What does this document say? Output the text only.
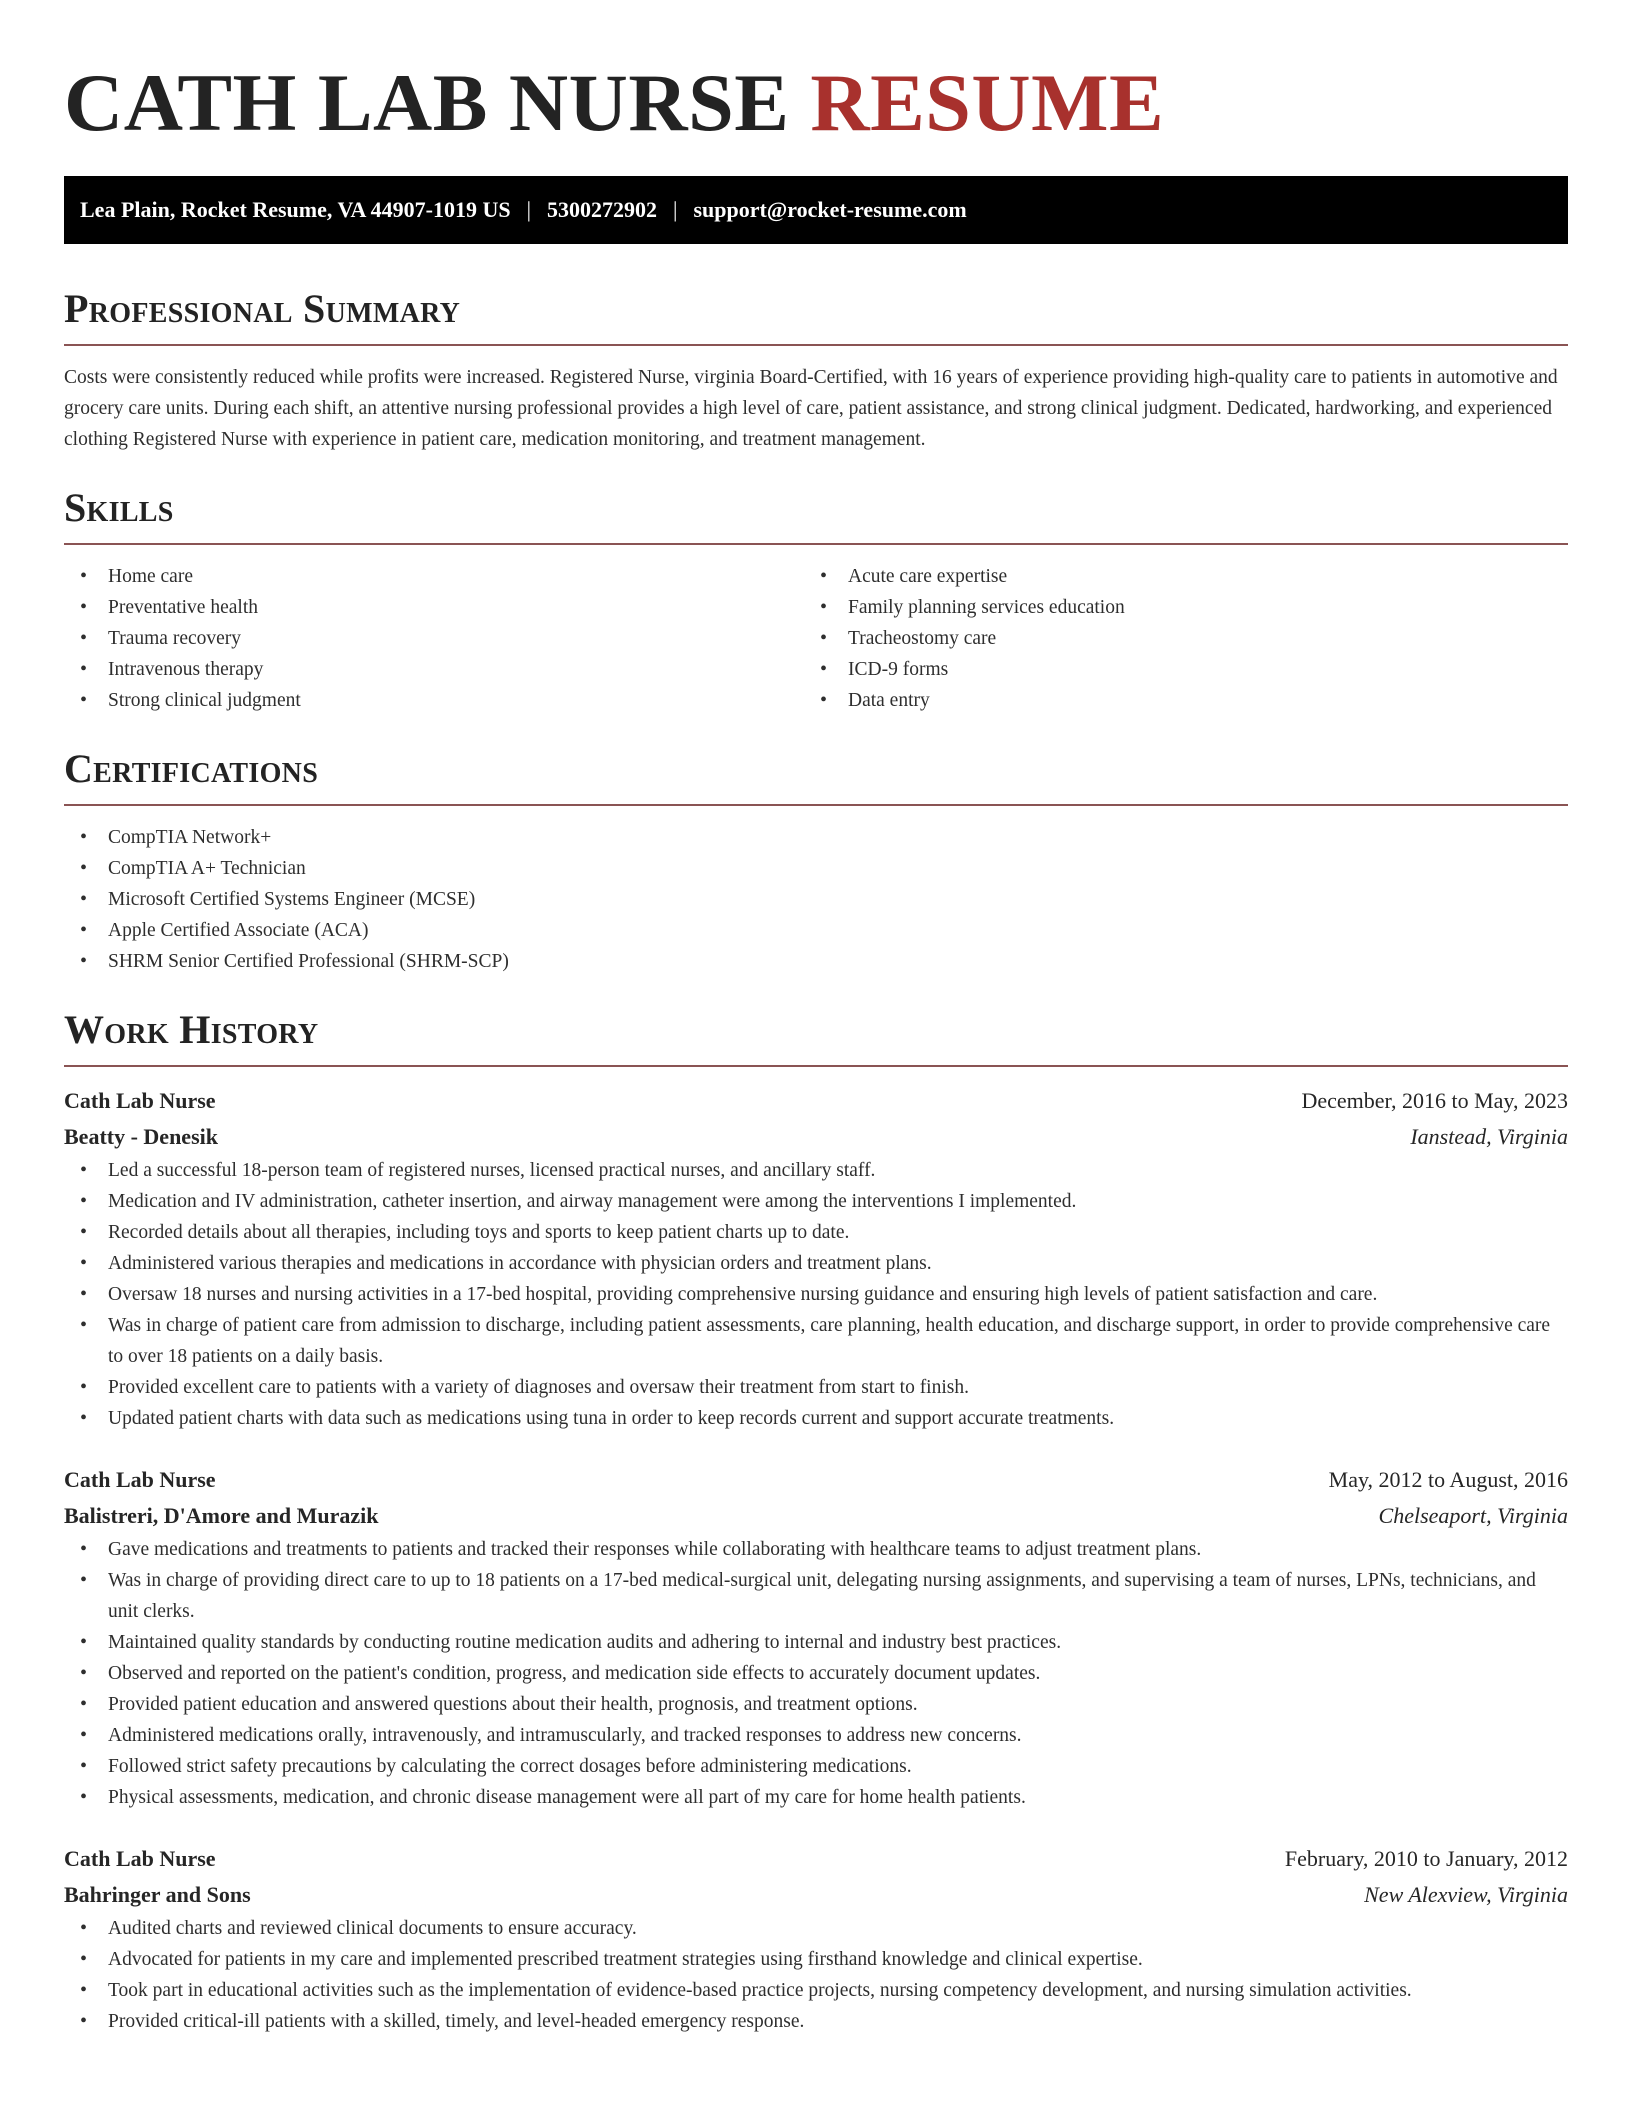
CATH LAB NURSE RESUME
Lea Plain, Rocket Resume, VA 44907-1019 US | 5300272902 | support@rocket-resume.com
Professional Summary

Costs were consistently reduced while profits were increased. Registered Nurse, virginia Board-Certified, with 16 years of experience providing high-quality care to patients in automotive and grocery care units. During each shift, an attentive nursing professional provides a high level of care, patient assistance, and strong clinical judgment. Dedicated, hardworking, and experienced clothing Registered Nurse with experience in patient care, medication monitoring, and treatment management.

Skills
• Home care
• Preventative health
• Trauma recovery
• Intravenous therapy
• Strong clinical judgment
• Acute care expertise
• Family planning services education
• Tracheostomy care
• ICD-9 forms
• Data entry
Certifications
• CompTIA Network+
• CompTIA A+ Technician
• Microsoft Certified Systems Engineer (MCSE)
• Apple Certified Associate (ACA)
• SHRM Senior Certified Professional (SHRM-SCP)
Work History
Cath Lab Nurse	December, 2016 to May, 2023
Beatty - Denesik	Ianstead, Virginia
• Led a successful 18-person team of registered nurses, licensed practical nurses, and ancillary staff.
• Medication and IV administration, catheter insertion, and airway management were among the interventions I implemented.
• Recorded details about all therapies, including toys and sports to keep patient charts up to date.
• Administered various therapies and medications in accordance with physician orders and treatment plans.
• Oversaw 18 nurses and nursing activities in a 17-bed hospital, providing comprehensive nursing guidance and ensuring high levels of patient satisfaction and care.
• Was in charge of patient care from admission to discharge, including patient assessments, care planning, health education, and discharge support, in order to provide comprehensive care to over 18 patients on a daily basis.
• Provided excellent care to patients with a variety of diagnoses and oversaw their treatment from start to finish.
• Updated patient charts with data such as medications using tuna in order to keep records current and support accurate treatments.
Cath Lab Nurse	May, 2012 to August, 2016
Balistreri, D'Amore and Murazik	Chelseaport, Virginia
• Gave medications and treatments to patients and tracked their responses while collaborating with healthcare teams to adjust treatment plans.
• Was in charge of providing direct care to up to 18 patients on a 17-bed medical-surgical unit, delegating nursing assignments, and supervising a team of nurses, LPNs, technicians, and unit clerks.
• Maintained quality standards by conducting routine medication audits and adhering to internal and industry best practices.
• Observed and reported on the patient's condition, progress, and medication side effects to accurately document updates.
• Provided patient education and answered questions about their health, prognosis, and treatment options.
• Administered medications orally, intravenously, and intramuscularly, and tracked responses to address new concerns.
• Followed strict safety precautions by calculating the correct dosages before administering medications.
• Physical assessments, medication, and chronic disease management were all part of my care for home health patients.
Cath Lab Nurse	February, 2010 to January, 2012
Bahringer and Sons	New Alexview, Virginia
• Audited charts and reviewed clinical documents to ensure accuracy.
• Advocated for patients in my care and implemented prescribed treatment strategies using firsthand knowledge and clinical expertise.
• Took part in educational activities such as the implementation of evidence-based practice projects, nursing competency development, and nursing simulation activities.
• Provided critical-ill patients with a skilled, timely, and level-headed emergency response.
